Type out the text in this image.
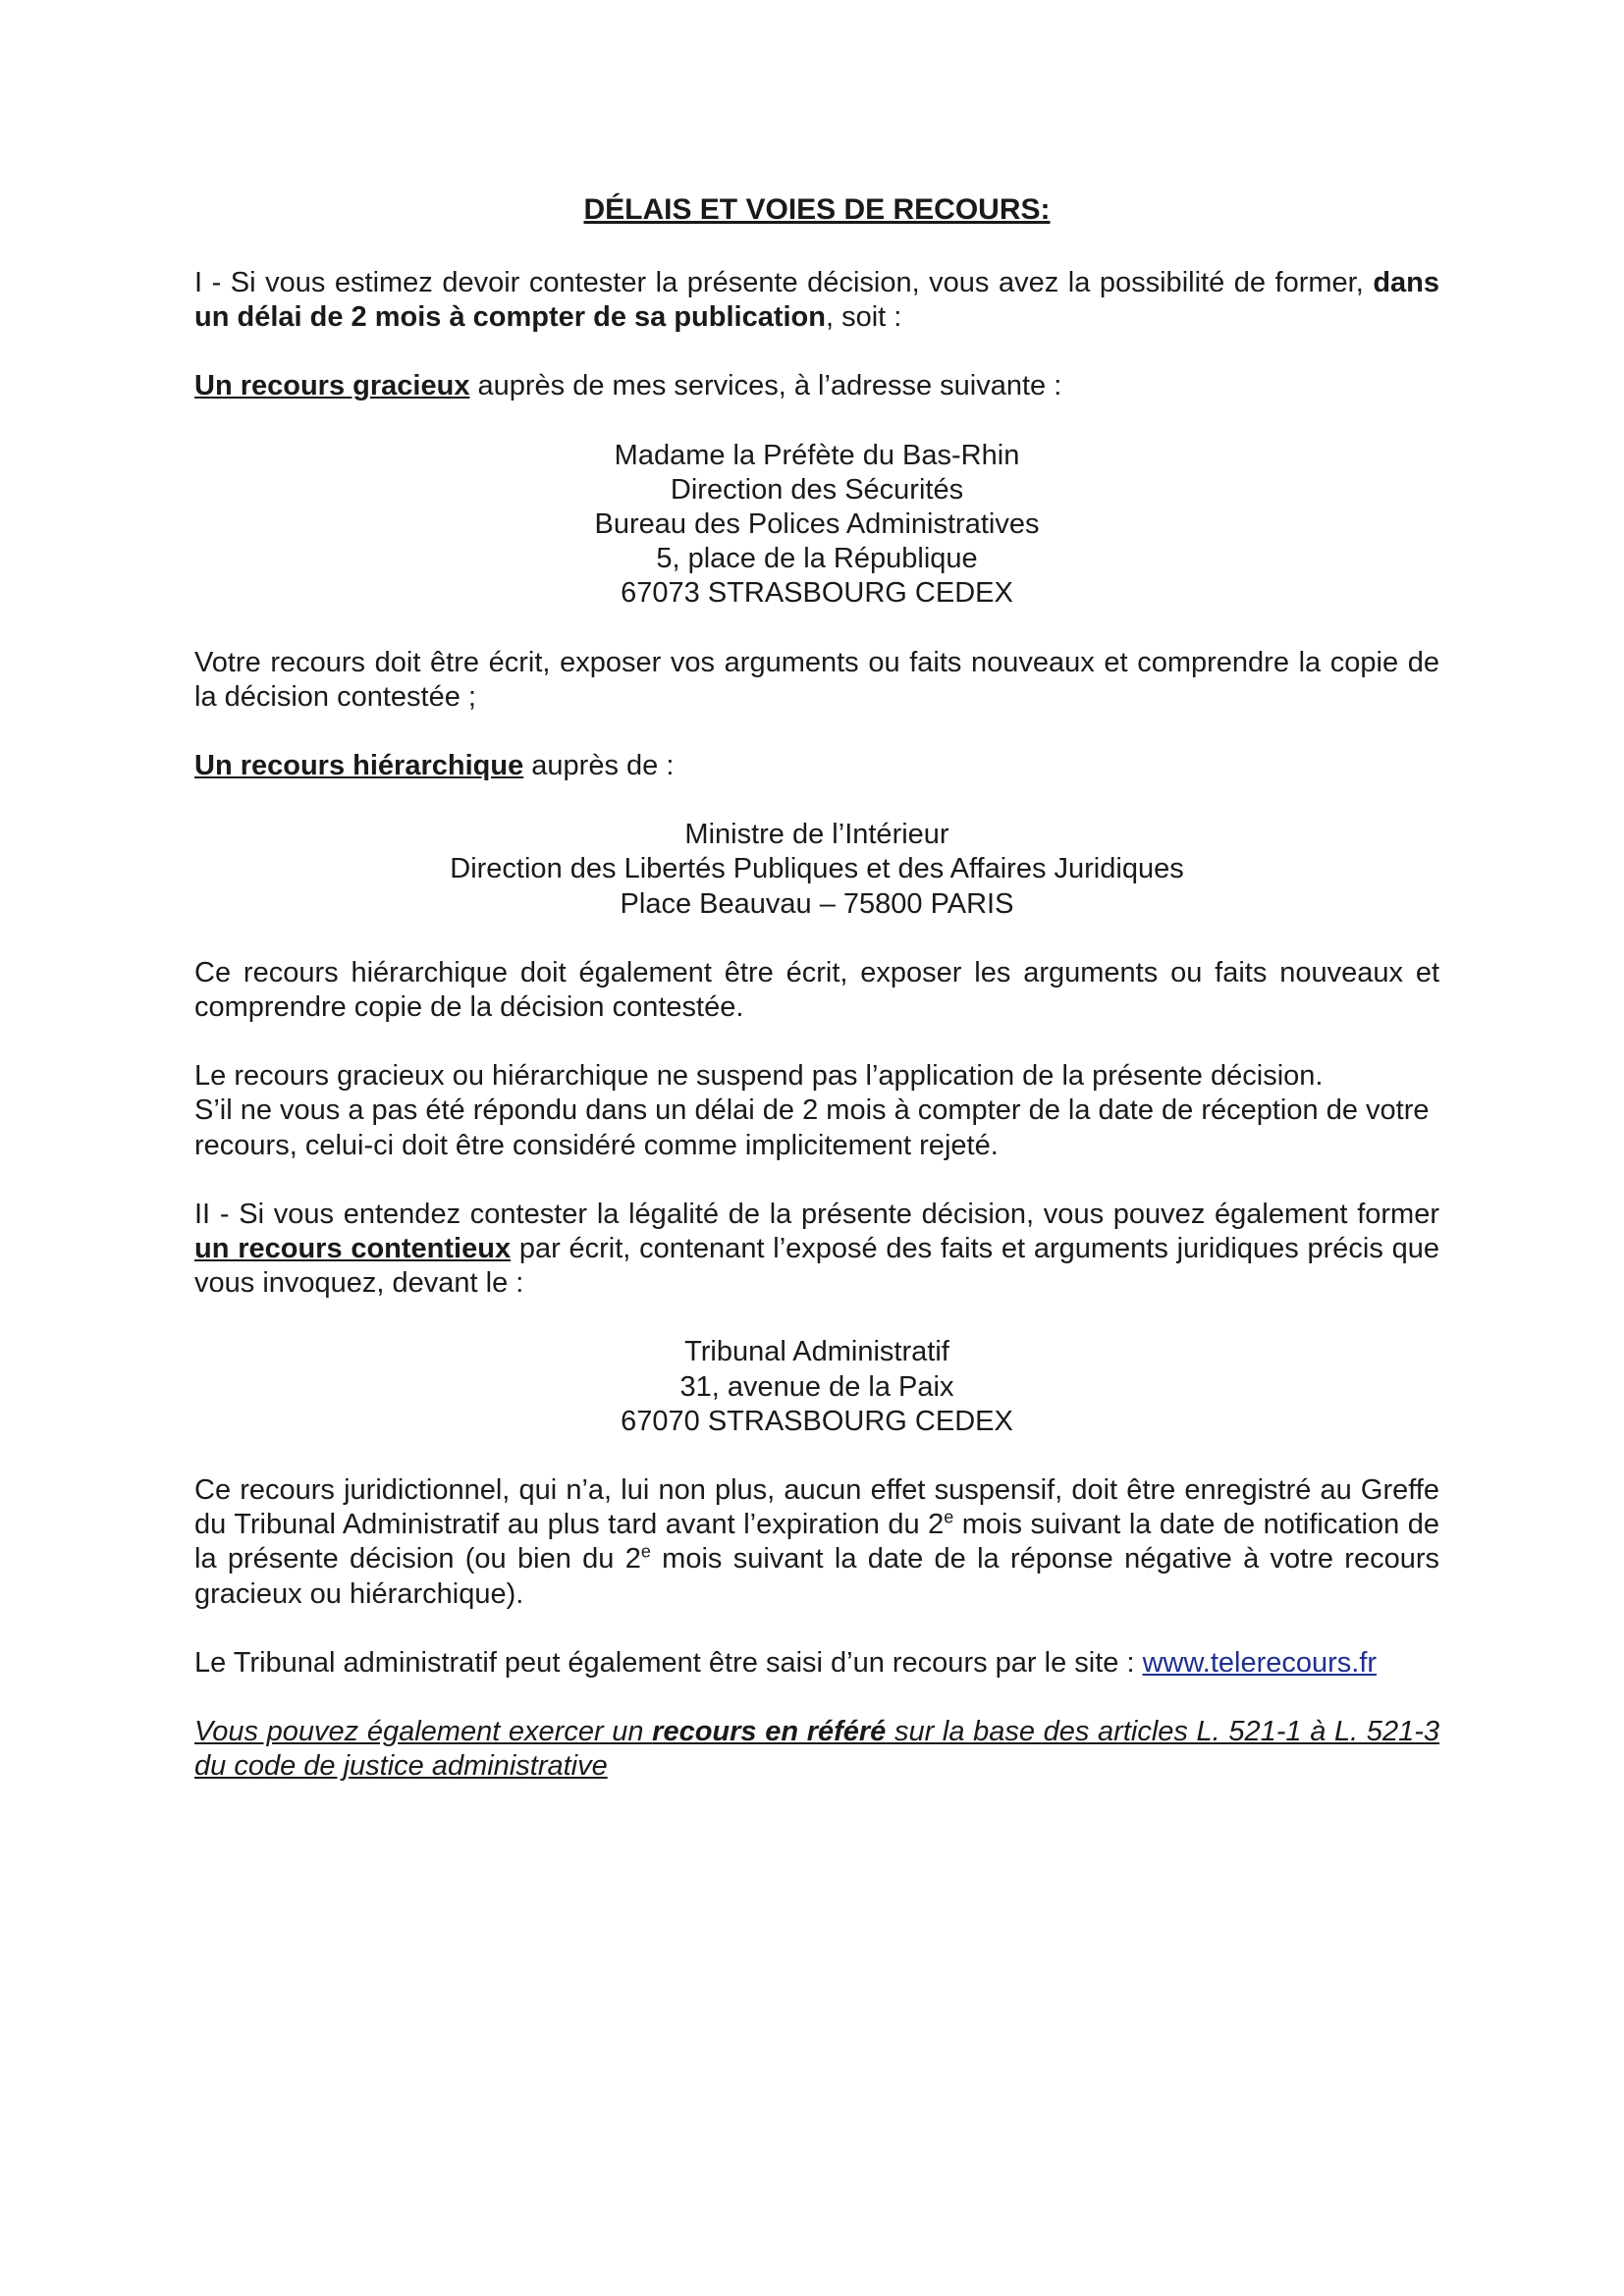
DÉLAIS ET VOIES DE RECOURS:

I - Si vous estimez devoir contester la présente décision, vous avez la possibilité de former, dans un délai de 2 mois à compter de sa publication, soit :

Un recours gracieux auprès de mes services, à l’adresse suivante :

Madame la Préfète du Bas-Rhin
Direction des Sécurités
Bureau des Polices Administratives
5, place de la République
67073 STRASBOURG CEDEX

Votre recours doit être écrit, exposer vos arguments ou faits nouveaux et comprendre la copie de la décision contestée ;

Un recours hiérarchique auprès de :

Ministre de l’Intérieur
Direction des Libertés Publiques et des Affaires Juridiques
Place Beauvau – 75800 PARIS

Ce recours hiérarchique doit également être écrit, exposer les arguments ou faits nouveaux et comprendre copie de la décision contestée.

Le recours gracieux ou hiérarchique ne suspend pas l’application de la présente décision.
S’il ne vous a pas été répondu dans un délai de 2 mois à compter de la date de réception de votre recours, celui-ci doit être considéré comme implicitement rejeté.

II - Si vous entendez contester la légalité de la présente décision, vous pouvez également former un recours contentieux par écrit, contenant l’exposé des faits et arguments juridiques précis que vous invoquez, devant le :

Tribunal Administratif
31, avenue de la Paix
67070 STRASBOURG CEDEX

Ce recours juridictionnel, qui n’a, lui non plus, aucun effet suspensif, doit être enregistré au Greffe du Tribunal Administratif au plus tard avant l’expiration du 2e mois suivant la date de notification de la présente décision (ou bien du 2e mois suivant la date de la réponse négative à votre recours gracieux ou hiérarchique).

Le Tribunal administratif peut également être saisi d’un recours par le site : www.telerecours.fr

Vous pouvez également exercer un recours en référé sur la base des articles L. 521-1 à L. 521-3 du code de justice administrative
